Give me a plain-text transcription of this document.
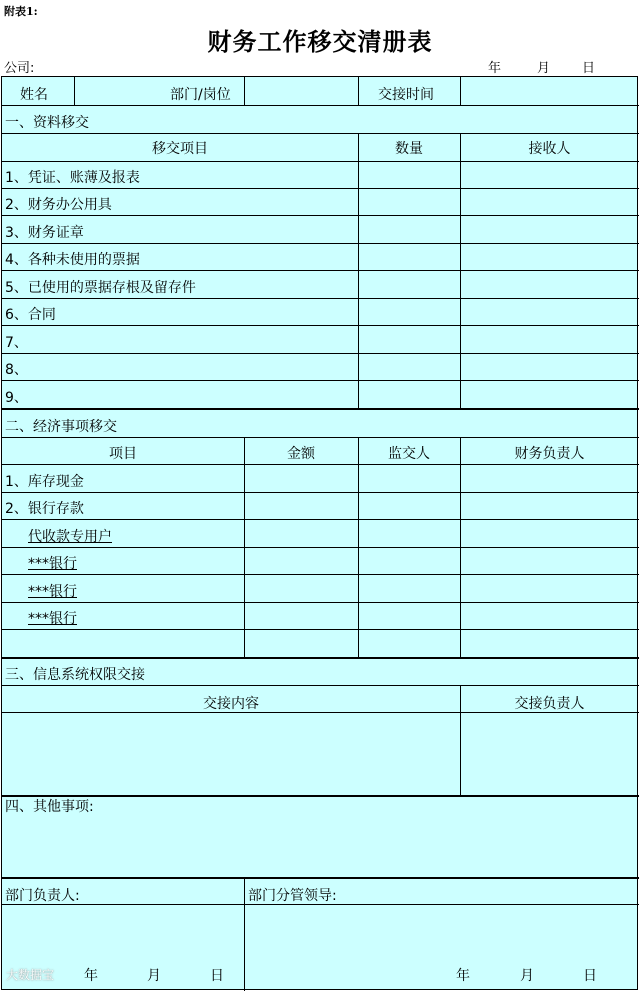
附表1:
财务工作移交清册表
公司:	年	月 日
姓名	部门/岗位	交接时间
一、资料移交
移交项目	数量	接收人
1、凭证、账薄及报表
2、财务办公用具
3、财务证章
4、各种未使用的票据
5、已使用的票据存根及留存件
6、合同
7、
8、
9、
二、经济事项移交
项目	金额	监交人	财务负责人
1、库存现金
2、银行存款
代收款专用户
***银行
***银行
***银行
三、信息系统权限交接
交接内容	交接负责人
四、其他事项:
部门负责人:	部门分管领导:
年	月	日	年	月	日
大数据宝
